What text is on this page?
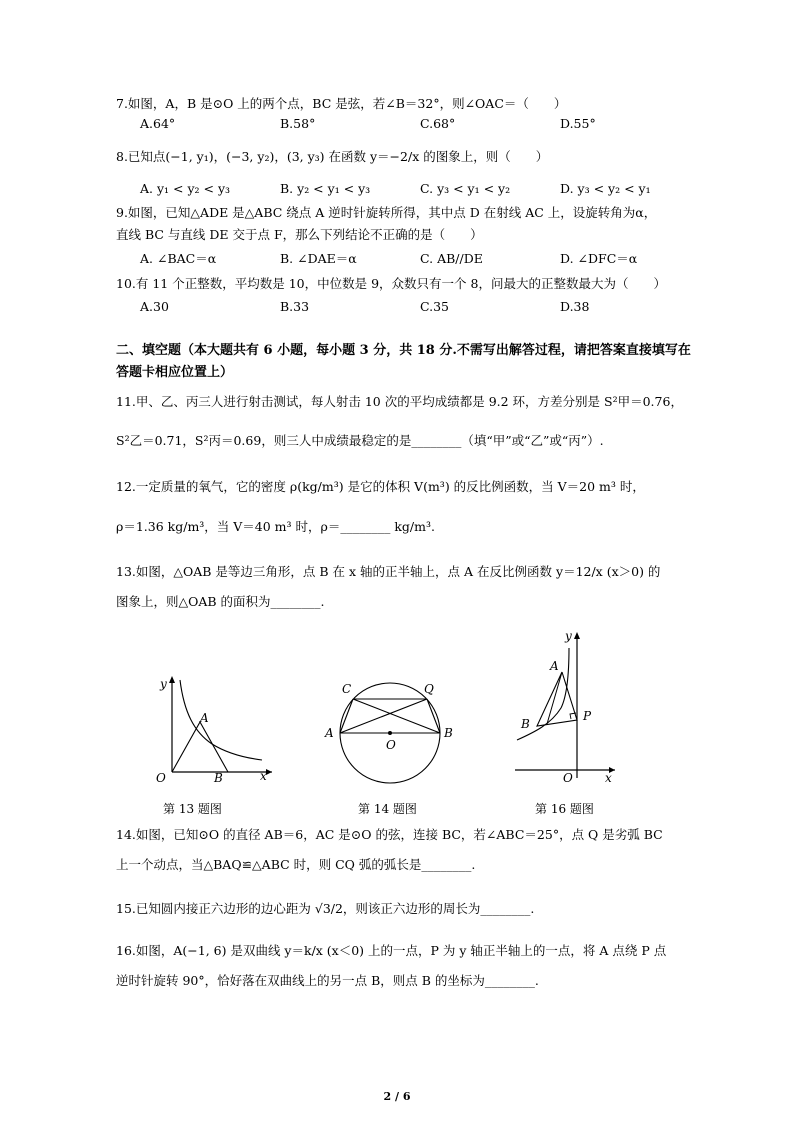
7.如图，A，B 是⊙O 上的两个点，BC 是弦，若∠B＝32°，则∠OAC＝（　　）
A.64°	B.58°	C.68°	D.55°
8.已知点(−1, y₁)，(−3, y₂)，(3, y₃) 在函数 y＝−2/x 的图象上，则（　　）
A. y₁ < y₂ < y₃	B. y₂ < y₁ < y₃	C. y₃ < y₁ < y₂	D. y₃ < y₂ < y₁
9.如图，已知△ADE 是△ABC 绕点 A 逆时针旋转所得，其中点 D 在射线 AC 上，设旋转角为α，
直线 BC 与直线 DE 交于点 F，那么下列结论不正确的是（　　）
A. ∠BAC＝α	B. ∠DAE＝α	C. AB//DE	D. ∠DFC＝α
10.有 11 个正整数，平均数是 10，中位数是 9，众数只有一个 8，问最大的正整数最大为（　　）
A.30	B.33	C.35	D.38
二、填空题（本大题共有 6 小题，每小题 3 分，共 18 分.不需写出解答过程，请把答案直接填写在答题卡相应位置上）
11.甲、乙、丙三人进行射击测试，每人射击 10 次的平均成绩都是 9.2 环，方差分别是 S²甲＝0.76，
S²乙＝0.71，S²丙＝0.69，则三人中成绩最稳定的是________（填“甲”或“乙”或“丙”）.
12.一定质量的氧气，它的密度 ρ(kg/m³) 是它的体积 V(m³) 的反比例函数，当 V＝20 m³ 时，
ρ＝1.36 kg/m³，当 V＝40 m³ 时，ρ＝________ kg/m³.
13.如图，△OAB 是等边三角形，点 B 在 x 轴的正半轴上，点 A 在反比例函数 y＝12/x (x＞0) 的
图象上，则△OAB 的面积为________.
y
A
O	B	x
第 13 题图
C	Q
A
O
B
第 14 题图
A
B
P
y
O	x
第 16 题图
14.如图，已知⊙O 的直径 AB＝6，AC 是⊙O 的弦，连接 BC，若∠ABC＝25°，点 Q 是劣弧 BC
上一个动点，当△BAQ≌△ABC 时，则 CQ 弧的弧长是________.
15.已知圆内接正六边形的边心距为 √3/2，则该正六边形的周长为________.
16.如图，A(−1, 6) 是双曲线 y＝k/x (x＜0) 上的一点，P 为 y 轴正半轴上的一点，将 A 点绕 P 点
逆时针旋转 90°，恰好落在双曲线上的另一点 B，则点 B 的坐标为________.
2 / 6
